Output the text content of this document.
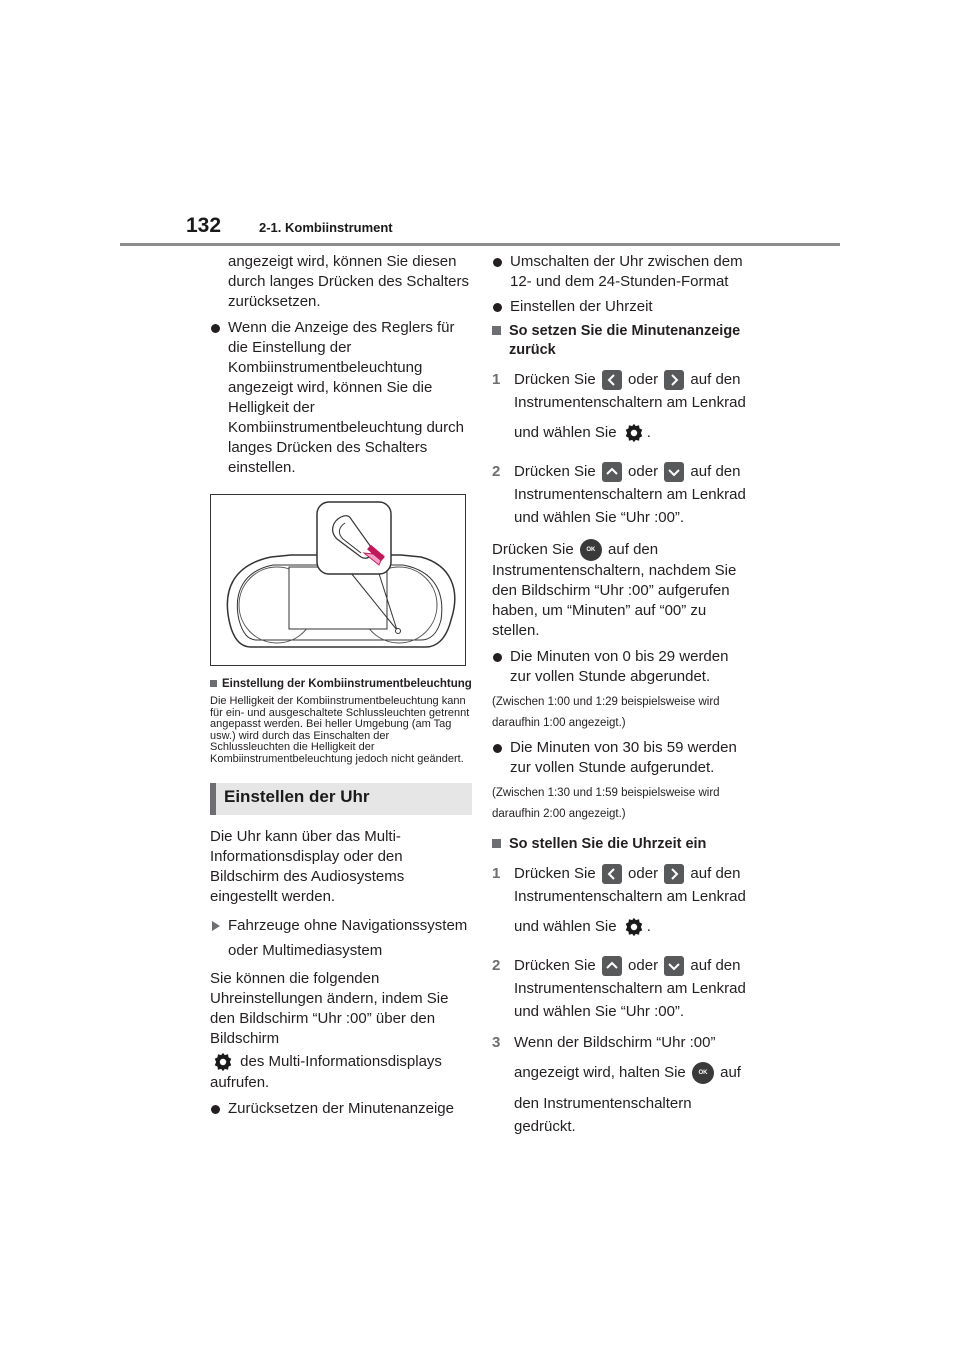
132	2-1. Kombiinstrument

angezeigt wird, können Sie diesen durch langes Drücken des Schalters zurücksetzen.

Wenn die Anzeige des Reglers für die Einstellung der Kombiinstrumentbeleuchtung angezeigt wird, können Sie die Helligkeit der Kombiinstrumentbeleuchtung durch langes Drücken des Schalters einstellen.
Einstellung der Kombiinstrumentbeleuchtung

Die Helligkeit der Kombiinstrumentbeleuchtung kann für ein- und ausgeschaltete Schlussleuchten getrennt angepasst werden. Bei heller Umgebung (am Tag usw.) wird durch das Einschalten der Schlussleuchten die Helligkeit der Kombiinstrumentbeleuchtung jedoch nicht geändert.

Einstellen der Uhr

Die Uhr kann über das Multi-Informationsdisplay oder den Bildschirm des Audiosystems eingestellt werden.

Fahrzeuge ohne Navigationssystem oder Multimediasystem

Sie können die folgenden Uhreinstellungen ändern, indem Sie den Bildschirm “Uhr :00” über den Bildschirm

des Multi-Informationsdisplays aufrufen.

Zurücksetzen der Minutenanzeige
Umschalten der Uhr zwischen dem 12- und dem 24-Stunden-Format
Einstellen der Uhrzeit
So setzen Sie die Minutenanzeige zurück
1 Drücken Sie oder auf den
Instrumentenschaltern am Lenkrad
und wählen Sie .
2 Drücken Sie oder auf den
Instrumentenschaltern am Lenkrad
und wählen Sie “Uhr :00”.

Drücken Sie OK auf den Instrumentenschaltern, nachdem Sie den Bildschirm “Uhr :00” aufgerufen haben, um “Minuten” auf “00” zu stellen.

Die Minuten von 0 bis 29 werden zur vollen Stunde abgerundet.

(Zwischen 1:00 und 1:29 beispielsweise wird daraufhin 1:00 angezeigt.)

Die Minuten von 30 bis 59 werden zur vollen Stunde aufgerundet.

(Zwischen 1:30 und 1:59 beispielsweise wird daraufhin 2:00 angezeigt.)

So stellen Sie die Uhrzeit ein
1 Drücken Sie oder auf den
Instrumentenschaltern am Lenkrad
und wählen Sie .
2 Drücken Sie oder auf den
Instrumentenschaltern am Lenkrad
und wählen Sie “Uhr :00”.
3 Wenn der Bildschirm “Uhr :00”
angezeigt wird, halten Sie OK auf
den Instrumentenschaltern
gedrückt.
